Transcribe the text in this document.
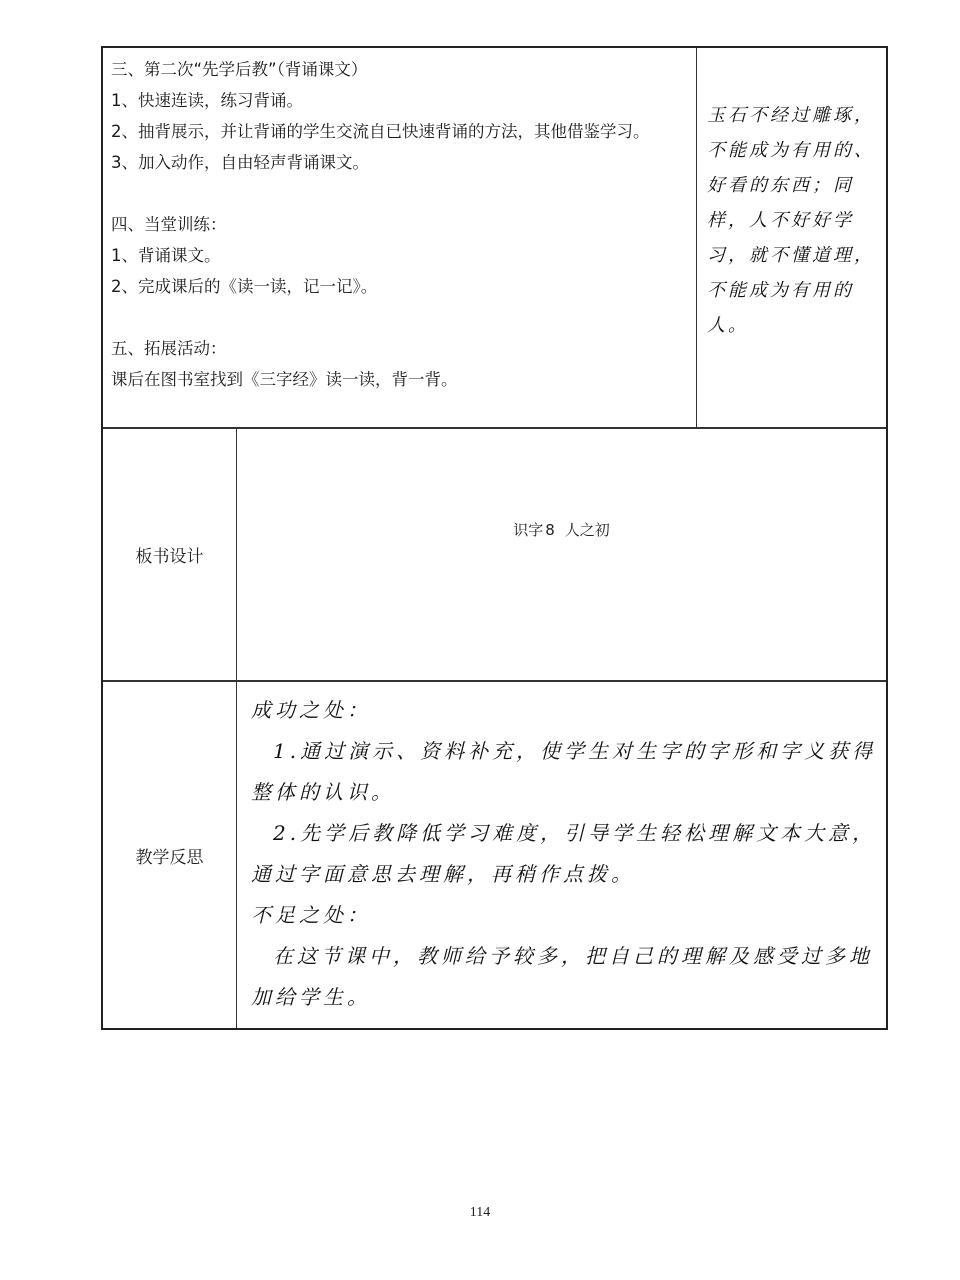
三、第二次“先学后教”（背诵课文）

1、快速连读，练习背诵。

2、抽背展示，并让背诵的学生交流自已快速背诵的方法，其他借鉴学习。

3、加入动作，自由轻声背诵课文。

四、当堂训练：

1、背诵课文。

2、完成课后的《读一读，记一记》。

五、拓展活动：

课后在图书室找到《三字经》读一读，背一背。

玉石不经过雕琢，不能成为有用的、好看的东西；同样，人不好好学习，就不懂道理，不能成为有用的人。
板书设计
识字 8 人之初
教学反思

成功之处：

1.通过演示、资料补充，使学生对生字的字形和字义获得整体的认识。

2.先学后教降低学习难度，引导学生轻松理解文本大意，通过字面意思去理解，再稍作点拨。

不足之处：

在这节课中，教师给予较多，把自己的理解及感受过多地加给学生。

114
